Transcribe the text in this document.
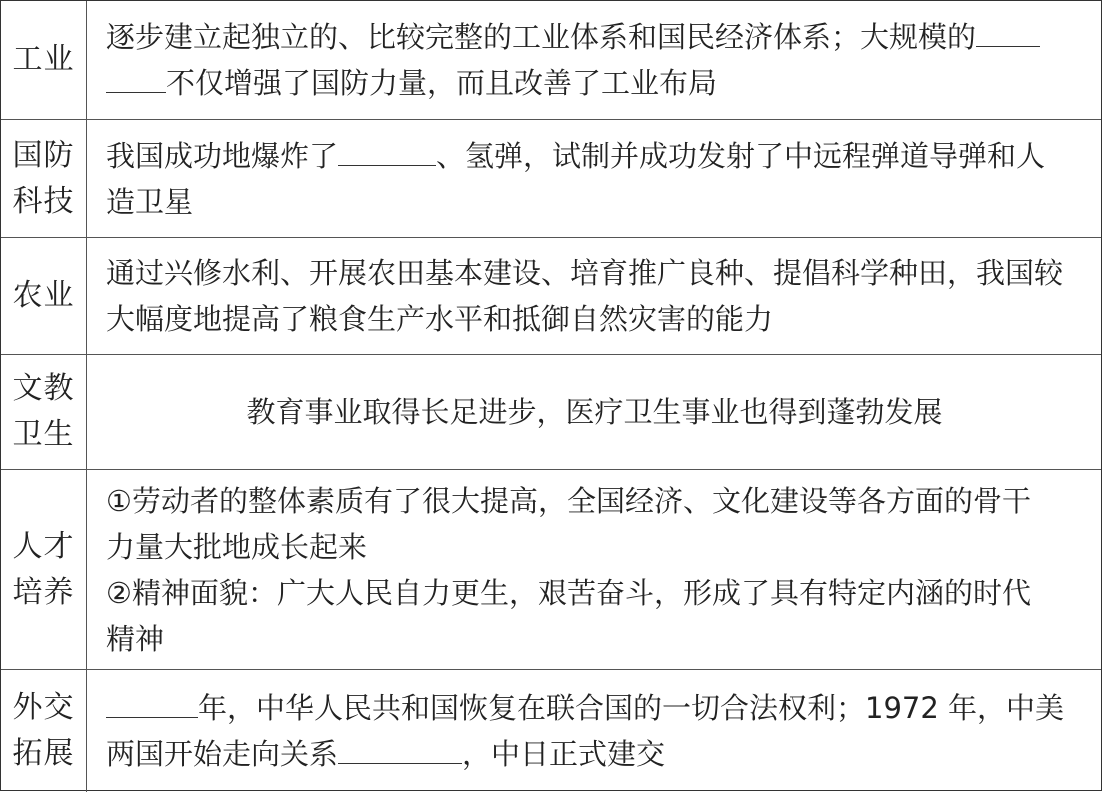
工业
逐步建立起独立的、比较完整的工业体系和国民经济体系；大规模的
不仅增强了国防力量，而且改善了工业布局
国防
科技
我国成功地爆炸了	、氢弹，试制并成功发射了中远程弹道导弹和人
造卫星
农业
通过兴修水利、开展农田基本建设、培育推广良种、提倡科学种田，我国较
大幅度地提高了粮食生产水平和抵御自然灾害的能力
文教
卫生
教育事业取得长足进步，医疗卫生事业也得到蓬勃发展
人才
培养
①劳动者的整体素质有了很大提高，全国经济、文化建设等各方面的骨干
力量大批地成长起来
②精神面貌：广大人民自力更生，艰苦奋斗，形成了具有特定内涵的时代
精神
外交
拓展
年，中华人民共和国恢复在联合国的一切合法权利；1972 年，中美
两国开始走向关系	，中日正式建交
